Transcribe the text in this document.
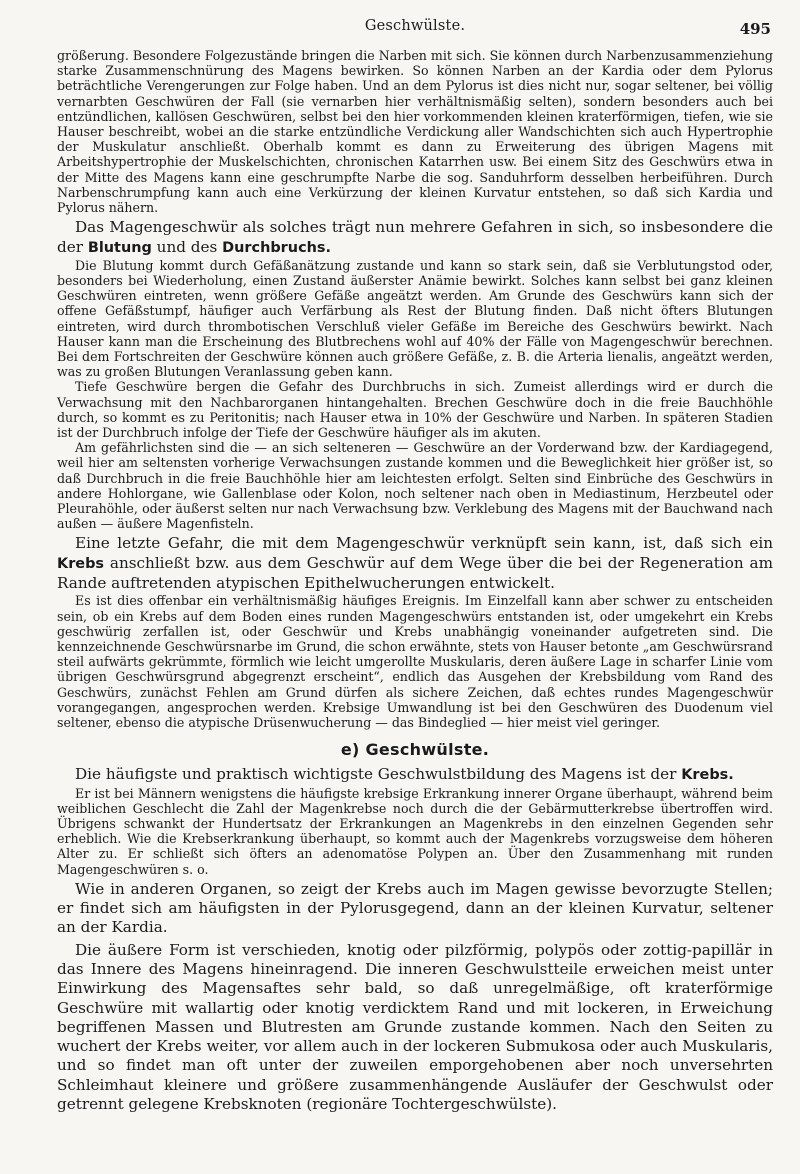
Geschwülste.	495

größerung. Besondere Folgezustände bringen die Narben mit sich. Sie können durch Narbenzusammenziehung starke Zusammenschnürung des Magens bewirken. So können Narben an der Kardia oder dem Pylorus beträchtliche Verengerungen zur Folge haben. Und an dem Pylorus ist dies nicht nur, sogar seltener, bei völlig vernarbten Geschwüren der Fall (sie vernarben hier verhältnismäßig selten), sondern besonders auch bei entzündlichen, kallösen Geschwüren, selbst bei den hier vorkommenden kleinen kraterförmigen, tiefen, wie sie Hauser beschreibt, wobei an die starke entzündliche Verdickung aller Wandschichten sich auch Hypertrophie der Muskulatur anschließt. Oberhalb kommt es dann zu Erweiterung des übrigen Magens mit Arbeitshypertrophie der Muskelschichten, chronischen Katarrhen usw. Bei einem Sitz des Geschwürs etwa in der Mitte des Magens kann eine geschrumpfte Narbe die sog. Sanduhrform desselben herbeiführen. Durch Narbenschrumpfung kann auch eine Verkürzung der kleinen Kurvatur entstehen, so daß sich Kardia und Pylorus nähern.

Das Magengeschwür als solches trägt nun mehrere Gefahren in sich, so insbesondere die der Blutung und des Durchbruchs.

Die Blutung kommt durch Gefäßanätzung zustande und kann so stark sein, daß sie Verblutungstod oder, besonders bei Wiederholung, einen Zustand äußerster Anämie bewirkt. Solches kann selbst bei ganz kleinen Geschwüren eintreten, wenn größere Gefäße angeätzt werden. Am Grunde des Geschwürs kann sich der offene Gefäßstumpf, häufiger auch Verfärbung als Rest der Blutung finden. Daß nicht öfters Blutungen eintreten, wird durch thrombotischen Verschluß vieler Gefäße im Bereiche des Geschwürs bewirkt. Nach Hauser kann man die Erscheinung des Blutbrechens wohl auf 40% der Fälle von Magengeschwür berechnen. Bei dem Fortschreiten der Geschwüre können auch größere Gefäße, z. B. die Arteria lienalis, angeätzt werden, was zu großen Blutungen Veranlassung geben kann.

Tiefe Geschwüre bergen die Gefahr des Durchbruchs in sich. Zumeist allerdings wird er durch die Verwachsung mit den Nachbarorganen hintangehalten. Brechen Geschwüre doch in die freie Bauchhöhle durch, so kommt es zu Peritonitis; nach Hauser etwa in 10% der Geschwüre und Narben. In späteren Stadien ist der Durchbruch infolge der Tiefe der Geschwüre häufiger als im akuten.

Am gefährlichsten sind die — an sich selteneren — Geschwüre an der Vorderwand bzw. der Kardiagegend, weil hier am seltensten vorherige Verwachsungen zustande kommen und die Beweglichkeit hier größer ist, so daß Durchbruch in die freie Bauchhöhle hier am leichtesten erfolgt. Selten sind Einbrüche des Geschwürs in andere Hohlorgane, wie Gallenblase oder Kolon, noch seltener nach oben in Mediastinum, Herzbeutel oder Pleurahöhle, oder äußerst selten nur nach Verwachsung bzw. Verklebung des Magens mit der Bauchwand nach außen — äußere Magenfisteln.

Eine letzte Gefahr, die mit dem Magengeschwür verknüpft sein kann, ist, daß sich ein Krebs anschließt bzw. aus dem Geschwür auf dem Wege über die bei der Regeneration am Rande auftretenden atypischen Epithelwucherungen entwickelt.

Es ist dies offenbar ein verhältnismäßig häufiges Ereignis. Im Einzelfall kann aber schwer zu entscheiden sein, ob ein Krebs auf dem Boden eines runden Magengeschwürs entstanden ist, oder umgekehrt ein Krebs geschwürig zerfallen ist, oder Geschwür und Krebs unabhängig voneinander aufgetreten sind. Die kennzeichnende Geschwürsnarbe im Grund, die schon erwähnte, stets von Hauser betonte „am Geschwürsrand steil aufwärts gekrümmte, förmlich wie leicht umgerollte Muskularis, deren äußere Lage in scharfer Linie vom übrigen Geschwürsgrund abgegrenzt erscheint“, endlich das Ausgehen der Krebsbildung vom Rand des Geschwürs, zunächst Fehlen am Grund dürfen als sichere Zeichen, daß echtes rundes Magengeschwür vorangegangen, angesprochen werden. Krebsige Umwandlung ist bei den Geschwüren des Duodenum viel seltener, ebenso die atypische Drüsenwucherung — das Bindeglied — hier meist viel geringer.

e) Geschwülste.

Die häufigste und praktisch wichtigste Geschwulstbildung des Magens ist der Krebs.

Er ist bei Männern wenigstens die häufigste krebsige Erkrankung innerer Organe überhaupt, während beim weiblichen Geschlecht die Zahl der Magenkrebse noch durch die der Gebärmutterkrebse übertroffen wird. Übrigens schwankt der Hundertsatz der Erkrankungen an Magenkrebs in den einzelnen Gegenden sehr erheblich. Wie die Krebserkrankung überhaupt, so kommt auch der Magenkrebs vorzugsweise dem höheren Alter zu. Er schließt sich öfters an adenomatöse Polypen an. Über den Zusammenhang mit runden Magengeschwüren s. o.

Wie in anderen Organen, so zeigt der Krebs auch im Magen gewisse bevorzugte Stellen; er findet sich am häufigsten in der Pylorusgegend, dann an der kleinen Kurvatur, seltener an der Kardia.

Die äußere Form ist verschieden, knotig oder pilzförmig, polypös oder zottig-papillär in das Innere des Magens hineinragend. Die inneren Geschwulstteile erweichen meist unter Einwirkung des Magensaftes sehr bald, so daß unregelmäßige, oft kraterförmige Geschwüre mit wallartig oder knotig verdicktem Rand und mit lockeren, in Erweichung begriffenen Massen und Blutresten am Grunde zustande kommen. Nach den Seiten zu wuchert der Krebs weiter, vor allem auch in der lockeren Submukosa oder auch Muskularis, und so findet man oft unter der zuweilen emporgehobenen aber noch unversehrten Schleimhaut kleinere und größere zusammenhängende Ausläufer der Geschwulst oder getrennt gelegene Krebsknoten (regionäre Tochtergeschwülste).
